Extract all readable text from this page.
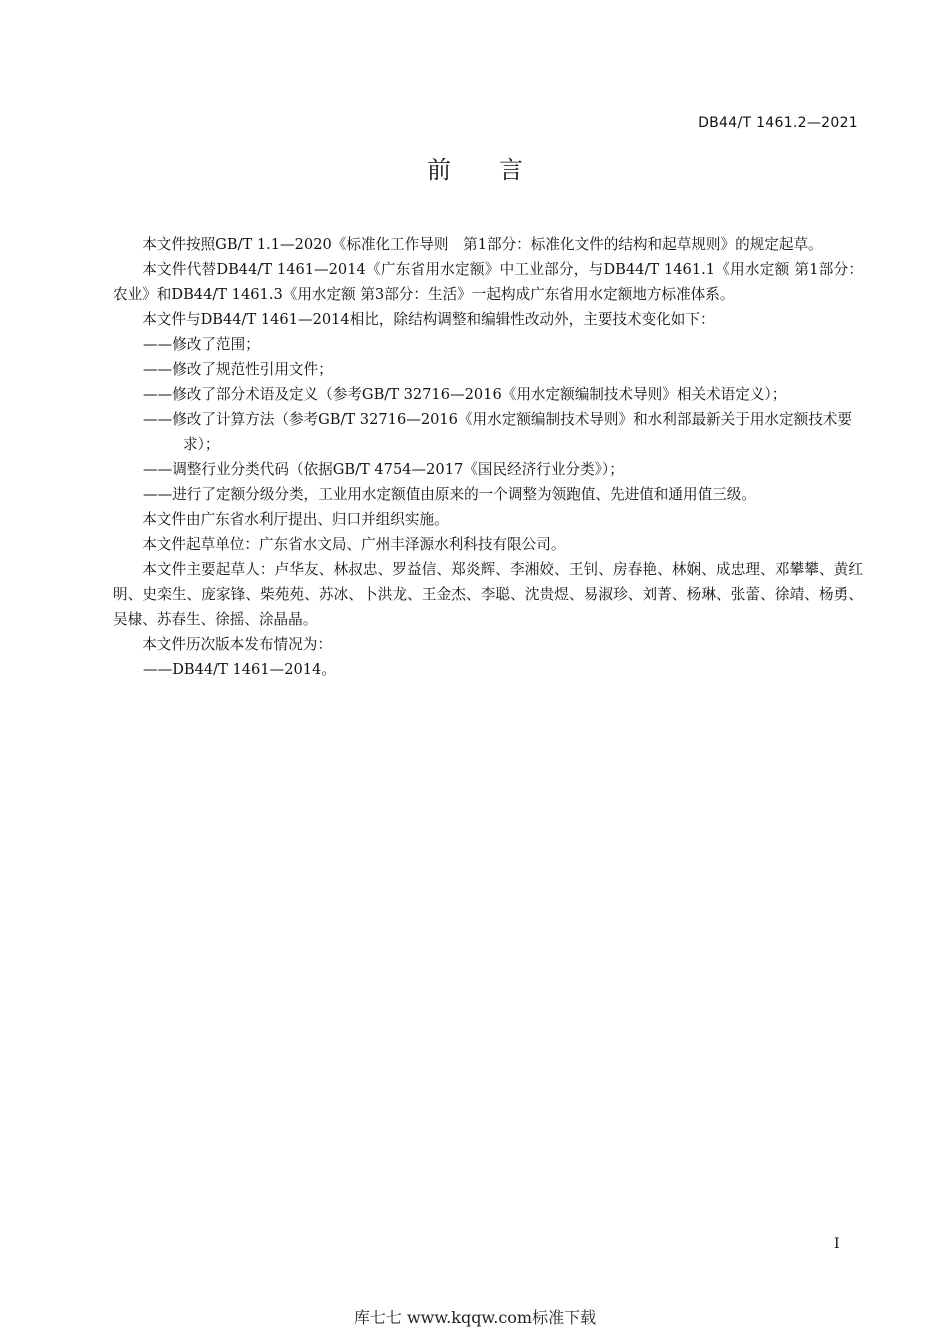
DB44/T 1461.2—2021
前言

本文件按照GB/T 1.1—2020《标准化工作导则　第1部分：标准化文件的结构和起草规则》的规定起草。

本文件代替DB44/T 1461—2014《广东省用水定额》中工业部分，与DB44/T 1461.1《用水定额 第1部分：农业》和DB44/T 1461.3《用水定额 第3部分：生活》一起构成广东省用水定额地方标准体系。

本文件与DB44/T 1461—2014相比，除结构调整和编辑性改动外，主要技术变化如下：

——修改了范围；

——修改了规范性引用文件；

——修改了部分术语及定义（参考GB/T 32716—2016《用水定额编制技术导则》相关术语定义）；

——修改了计算方法（参考GB/T 32716—2016《用水定额编制技术导则》和水利部最新关于用水定额技术要求）；

——调整行业分类代码（依据GB/T 4754—2017《国民经济行业分类》）；

——进行了定额分级分类，工业用水定额值由原来的一个调整为领跑值、先进值和通用值三级。

本文件由广东省水利厅提出、归口并组织实施。

本文件起草单位：广东省水文局、广州丰泽源水利科技有限公司。

本文件主要起草人：卢华友、林叔忠、罗益信、郑炎辉、李湘姣、王钊、房春艳、林娴、成忠理、邓攀攀、黄红明、史栾生、庞家锋、柴苑苑、苏冰、卜洪龙、王金杰、李聪、沈贵煜、易淑珍、刘菁、杨琳、张蕾、徐靖、杨勇、吴棣、苏春生、徐摇、涂晶晶。

本文件历次版本发布情况为：

——DB44/T 1461—2014。

I
库七七 www.kqqw.com标准下载
